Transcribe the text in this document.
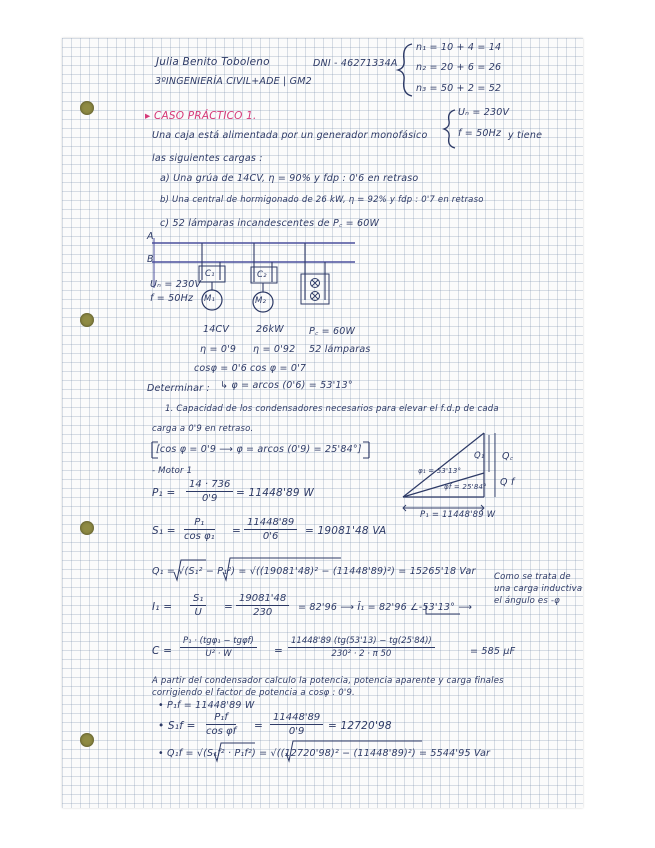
Julia Benito Toboleno	DNI - 46271334A
3ºINGENIERÍA CIVIL+ADE | GM2
n₁ = 10 + 4 = 14
n₂ = 20 + 6 = 26
n₃ = 50 + 2 = 52
▸ CASO PRÁCTICO 1.	Uₙ = 230V
f = 50Hz
Una caja está alimentada por un generador monofásico	y tiene
las siguientes cargas :
a) Una grúa de 14CV, η = 90% y fdp : 0'6 en retraso
b) Una central de hormigonado de 26 kW, η = 92% y fdp : 0'7 en retraso
c) 52 lámparas incandescentes de P꜀ = 60W
A
B
Uₙ = 230V
f = 50Hz
C₁	C₂
M₁	M₂
14CV
η = 0'9
cosφ = 0'6
26kW
η = 0'92
cos φ = 0'7
P꜀ = 60W
52 lámparas
Determinar : ↳ φ = arcos (0'6) = 53'13°
1. Capacidad de los condensadores necesarios para elevar el f.d.p de cada
carga a 0'9 en retraso.
[cos φ = 0'9 ⟶ φ = arcos (0'9) = 25'84°]
- Motor 1
$P_1 = \frac{14 \cdot 736}{0'9} = 11448'89$ W
$S_1 = \frac{\text{P₁}}{\text{cos φ₁}} = \frac{11448'89}{0'6} = 19081'48$ VA
Q₁ = √(S₁² − P₁²) = √((19081'48)² − (11448'89)²) = 15265'18 Var Como se trata de
una carga inductiva
el ángulo es -φ
$I_1 = \frac{\text{S₁}}{U} = \frac{19081'48}{230} = 82'96$ ⟶ Ī₁ = 82'96 ∠-53'13° ⟶
C =
P₁ · (tgφ₁ − tgφf)
U² · W	= $\frac{11448'89 (tg(53'13) - tg(25'84))}{\text{230² · 2 · π 50}}$	= 585 μF
A partir del condensador calculo la potencia, potencia aparente y carga finales
corrigiendo el factor de potencia a cosφ : 0'9.
• P₁f = 11448'89 W
• $S_1f = \frac{\text{P₁f}}{\text{cos φf}} = \frac{11448'89}{0'9} = 12720'98$
• Q₁f = √(S₁f² · P₁f²) = √((12720'98)² − (11448'89)²) = 5544'95 Var
Q꜀
Q₁
Q f
φ₁ = 53'13°
φf = 25'84°
P₁ = 11448'89 W
